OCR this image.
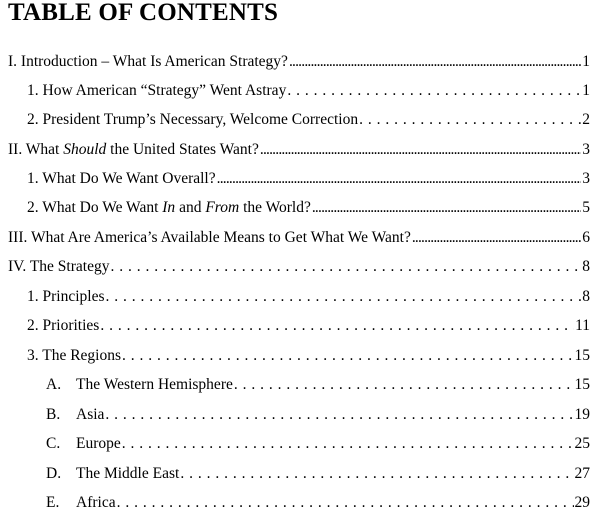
TABLE OF CONTENTS
I. Introduction – What Is American Strategy? .....	1
1. How American “Strategy” Went Astray . . .	1
2. President Trump’s Necessary, Welcome Correction . . .	2
II. What Should the United States Want? .....	3
1. What Do We Want Overall? .....	3
2. What Do We Want In and From the World? .....	5
III. What Are America’s Available Means to Get What We Want? .....	6
IV. The Strategy . . .	8
1. Principles . . .	8
2. Priorities . . .	11
3. The Regions . . .	15
A. The Western Hemisphere . . .	15
B. Asia . . .	19
C. Europe . . .	25
D. The Middle East . . .	27
E. Africa . . .	29
